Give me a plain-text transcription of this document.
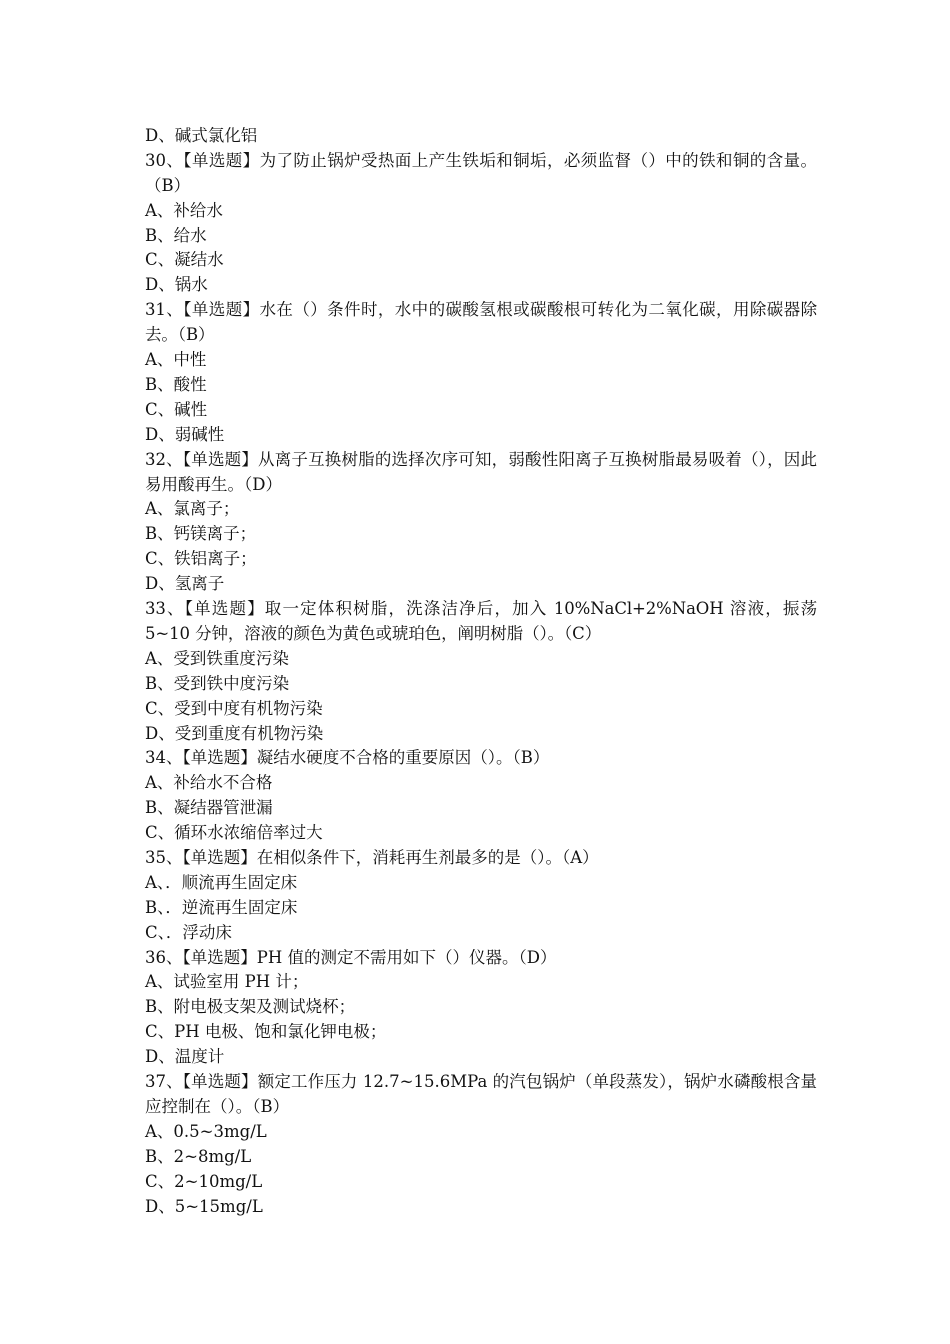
D、碱式氯化铝
30、【单选题】为了防止锅炉受热面上产生铁垢和铜垢，必须监督（）中的铁和铜的含量。（B）
A、补给水
B、给水
C、凝结水
D、锅水
31、【单选题】水在（）条件时，水中的碳酸氢根或碳酸根可转化为二氧化碳，用除碳器除去。（B）
A、中性
B、酸性
C、碱性
D、弱碱性
32、【单选题】从离子互换树脂的选择次序可知，弱酸性阳离子互换树脂最易吸着（），因此易用酸再生。（D）
A、氯离子；
B、钙镁离子；
C、铁铝离子；
D、氢离子
33、【单选题】取一定体积树脂，洗涤洁净后，加入 10%NaCl+2%NaOH 溶液，振荡 5~10 分钟，溶液的颜色为黄色或琥珀色，阐明树脂（）。（C）
A、受到铁重度污染
B、受到铁中度污染
C、受到中度有机物污染
D、受到重度有机物污染
34、【单选题】凝结水硬度不合格的重要原因（）。（B）
A、补给水不合格
B、凝结器管泄漏
C、循环水浓缩倍率过大
35、【单选题】在相似条件下，消耗再生剂最多的是（）。（A）
A、．顺流再生固定床
B、．逆流再生固定床
C、．浮动床
36、【单选题】PH 值的测定不需用如下（）仪器。（D）
A、试验室用 PH 计；
B、附电极支架及测试烧杯；
C、PH 电极、饱和氯化钾电极；
D、温度计
37、【单选题】额定工作压力 12.7~15.6MPa 的汽包锅炉（单段蒸发），锅炉水磷酸根含量应控制在（）。（B）
A、0.5~3mg/L
B、2~8mg/L
C、2~10mg/L
D、5~15mg/L
